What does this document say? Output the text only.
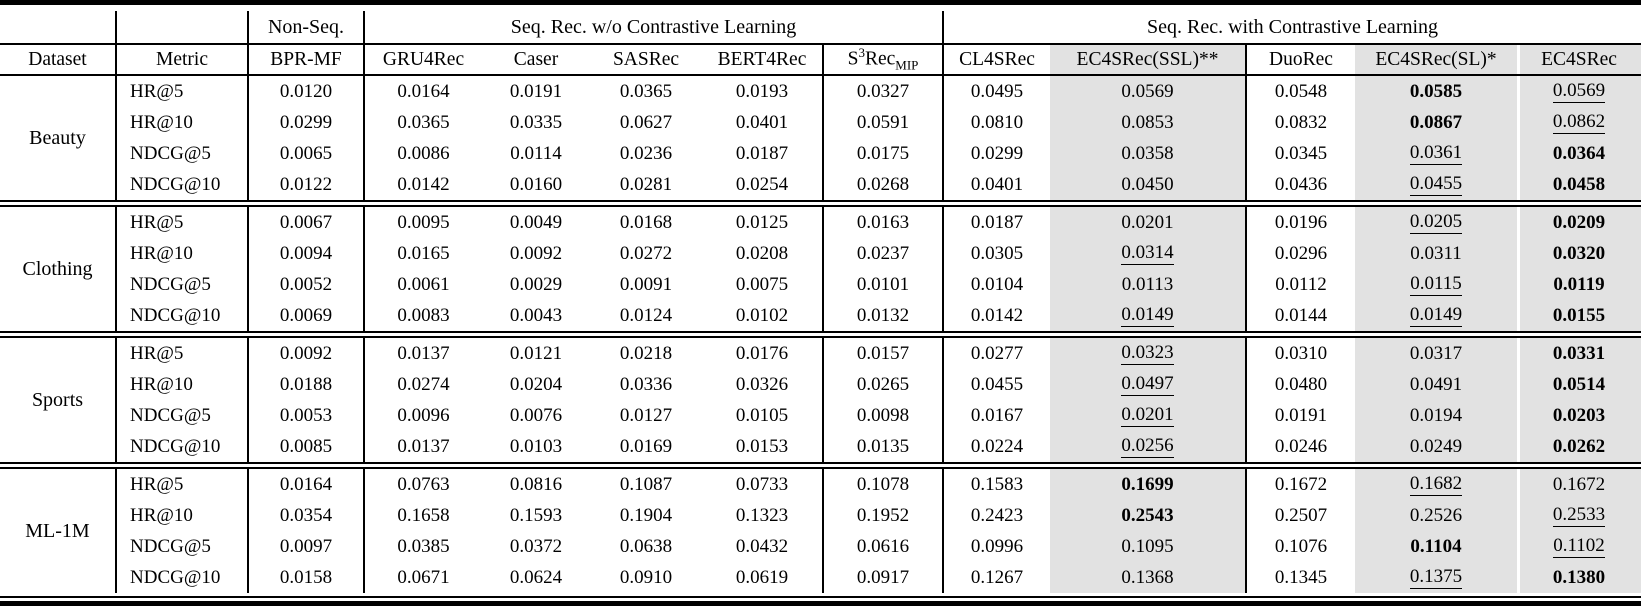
		Non-Seq.	Seq. Rec. w/o Contrastive Learning					Seq. Rec. with Contrastive Learning				
Dataset	Metric	BPR-MF	GRU4Rec	Caser	SASRec	BERT4Rec	$S^3Rec_{MIP}$	CL4SRec	EC4SRec(SSL)**	DuoRec	EC4SRec(SL)*	EC4SRec
Beauty	HR@5	0.0120	0.0164	0.0191	0.0365	0.0193	0.0327	0.0495	0.0569	0.0548	0.0585	0.0569
	HR@10	0.0299	0.0365	0.0335	0.0627	0.0401	0.0591	0.0810	0.0853	0.0832	0.0867	0.0862
	NDCG@5	0.0065	0.0086	0.0114	0.0236	0.0187	0.0175	0.0299	0.0358	0.0345	0.0361	0.0364
	NDCG@10	0.0122	0.0142	0.0160	0.0281	0.0254	0.0268	0.0401	0.0450	0.0436	0.0455	0.0458
Clothing	HR@5	0.0067	0.0095	0.0049	0.0168	0.0125	0.0163	0.0187	0.0201	0.0196	0.0205	0.0209
	HR@10	0.0094	0.0165	0.0092	0.0272	0.0208	0.0237	0.0305	0.0314	0.0296	0.0311	0.0320
	NDCG@5	0.0052	0.0061	0.0029	0.0091	0.0075	0.0101	0.0104	0.0113	0.0112	0.0115	0.0119
	NDCG@10	0.0069	0.0083	0.0043	0.0124	0.0102	0.0132	0.0142	0.0149	0.0144	0.0149	0.0155
Sports	HR@5	0.0092	0.0137	0.0121	0.0218	0.0176	0.0157	0.0277	0.0323	0.0310	0.0317	0.0331
	HR@10	0.0188	0.0274	0.0204	0.0336	0.0326	0.0265	0.0455	0.0497	0.0480	0.0491	0.0514
	NDCG@5	0.0053	0.0096	0.0076	0.0127	0.0105	0.0098	0.0167	0.0201	0.0191	0.0194	0.0203
	NDCG@10	0.0085	0.0137	0.0103	0.0169	0.0153	0.0135	0.0224	0.0256	0.0246	0.0249	0.0262
ML-1M	HR@5	0.0164	0.0763	0.0816	0.1087	0.0733	0.1078	0.1583	0.1699	0.1672	0.1682	0.1672
	HR@10	0.0354	0.1658	0.1593	0.1904	0.1323	0.1952	0.2423	0.2543	0.2507	0.2526	0.2533
	NDCG@5	0.0097	0.0385	0.0372	0.0638	0.0432	0.0616	0.0996	0.1095	0.1076	0.1104	0.1102
	NDCG@10	0.0158	0.0671	0.0624	0.0910	0.0619	0.0917	0.1267	0.1368	0.1345	0.1375	0.1380
